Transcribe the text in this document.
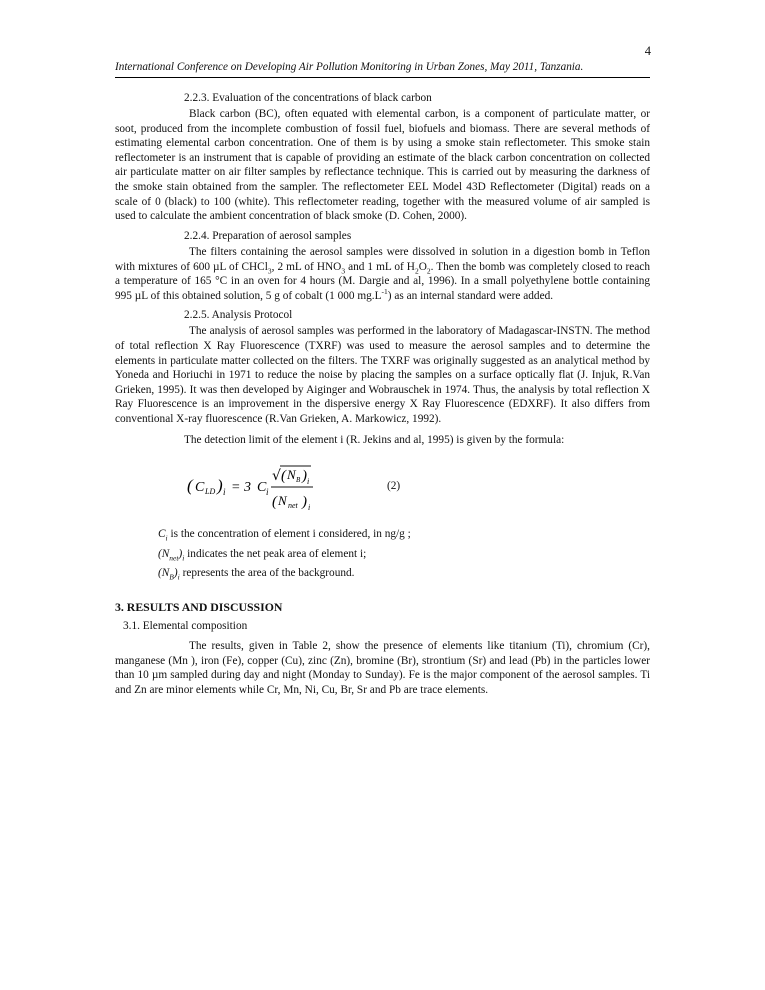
4
International Conference on Developing Air Pollution Monitoring in Urban Zones, May 2011, Tanzania.
2.2.3. Evaluation of the concentrations of black carbon

Black carbon (BC), often equated with elemental carbon, is a component of particulate matter, or soot, produced from the incomplete combustion of fossil fuel, biofuels and biomass. There are several methods of estimating elemental carbon concentration. One of them is by using a smoke stain reflectometer. This smoke stain reflectometer is an instrument that is capable of providing an estimate of the black carbon concentration on collected air particulate matter on air filter samples by reflectance technique. This is carried out by measuring the darkness of the smoke stain obtained from the sampler. The reflectometer EEL Model 43D Reflectometer (Digital) reads on a scale of 0 (black) to 100 (white). This reflectometer reading, together with the measured volume of air sampled is used to calculate the ambient concentration of black smoke (D. Cohen, 2000).

2.2.4. Preparation of aerosol samples

The filters containing the aerosol samples were dissolved in solution in a digestion bomb in Teflon with mixtures of 600 µL of CHCl$_3$, 2 mL of $HNO_3$ and 1 mL of $H_2O_2$. Then the bomb was completely closed to reach a temperature of 165 °C in an oven for 4 hours (M. Dargie and al, 1996). In a small polyethylene bottle containing 995 µL of this obtained solution, 5 g of cobalt (1 000 $mg.L^{-1}$) as an internal standard were added.

2.2.5. Analysis Protocol

The analysis of aerosol samples was performed in the laboratory of Madagascar-INSTN. The method of total reflection X Ray Fluorescence (TXRF) was used to measure the aerosol samples and to determine the elements in particulate matter collected on the filters. The TXRF was originally suggested as an analytical method by Yoneda and Horiuchi in 1971 to reduce the noise by placing the samples on a surface optically flat (J. Injuk, R.Van Grieken, 1995). It was then developed by Aiginger and Wobrauschek in 1974. Thus, the analysis by total reflection X Ray Fluorescence is an improvement in the dispersive energy X Ray Fluorescence (EDXRF). It also differs from conventional X-ray fluorescence (R.Van Grieken, A. Markowicz, 1992).

The detection limit of the element i (R. Jekins and al, 1995) is given by the formula:
( C LD ) i = 3 C i
√ ( N B ) i
( N net ) i
(2)
$C_i$ is the concentration of element i considered, in ng/g ;
$(N_{net})_i$ indicates the net peak area of element i;
$(N_B)_i$ represents the area of the background.
3. RESULTS AND DISCUSSION
3.1. Elemental composition

The results, given in Table 2, show the presence of elements like titanium (Ti), chromium (Cr), manganese (Mn ), iron (Fe), copper (Cu), zinc (Zn), bromine (Br), strontium (Sr) and lead (Pb) in the particles lower than 10 µm sampled during day and night (Monday to Sunday). Fe is the major component of the aerosol samples. Ti and Zn are minor elements while Cr, Mn, Ni, Cu, Br, Sr and Pb are trace elements.
